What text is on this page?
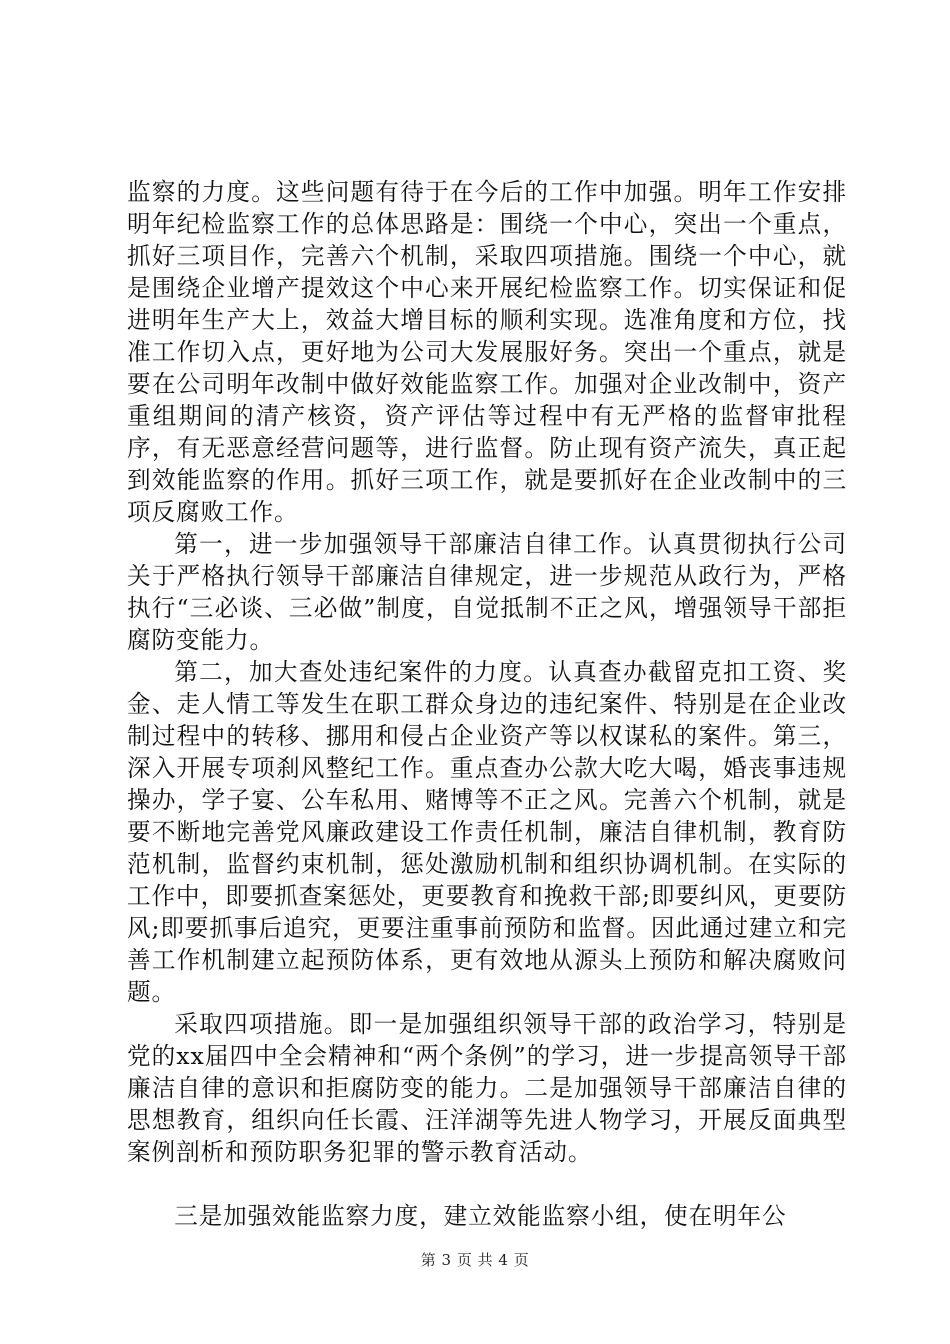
监察的力度。这些问题有待于在今后的工作中加强。明年工作安排明年纪检监察工作的总体思路是：围绕一个中心，突出一个重点，抓好三项目作，完善六个机制，采取四项措施。围绕一个中心，就是围绕企业增产提效这个中心来开展纪检监察工作。切实保证和促进明年生产大上，效益大增目标的顺利实现。选准角度和方位，找准工作切入点，更好地为公司大发展服好务。突出一个重点，就是要在公司明年改制中做好效能监察工作。加强对企业改制中，资产重组期间的清产核资，资产评估等过程中有无严格的监督审批程序，有无恶意经营问题等，进行监督。防止现有资产流失，真正起到效能监察的作用。抓好三项工作，就是要抓好在企业改制中的三项反腐败工作。

第一，进一步加强领导干部廉洁自律工作。认真贯彻执行公司关于严格执行领导干部廉洁自律规定，进一步规范从政行为，严格执行“三必谈、三必做”制度，自觉抵制不正之风，增强领导干部拒腐防变能力。

第二，加大查处违纪案件的力度。认真查办截留克扣工资、奖金、走人情工等发生在职工群众身边的违纪案件、特别是在企业改制过程中的转移、挪用和侵占企业资产等以权谋私的案件。第三，深入开展专项刹风整纪工作。重点查办公款大吃大喝，婚丧事违规操办，学子宴、公车私用、赌博等不正之风。完善六个机制，就是要不断地完善党风廉政建设工作责任机制，廉洁自律机制，教育防范机制，监督约束机制，惩处激励机制和组织协调机制。在实际的工作中，即要抓查案惩处，更要教育和挽救干部;即要纠风，更要防风;即要抓事后追究，更要注重事前预防和监督。因此通过建立和完善工作机制建立起预防体系，更有效地从源头上预防和解决腐败问题。

采取四项措施。即一是加强组织领导干部的政治学习，特别是党的xx届四中全会精神和“两个条例”的学习，进一步提高领导干部廉洁自律的意识和拒腐防变的能力。二是加强领导干部廉洁自律的思想教育，组织向任长霞、汪洋湖等先进人物学习，开展反面典型案例剖析和预防职务犯罪的警示教育活动。

三是加强效能监察力度，建立效能监察小组，使在明年公

第 3 页 共 4 页
